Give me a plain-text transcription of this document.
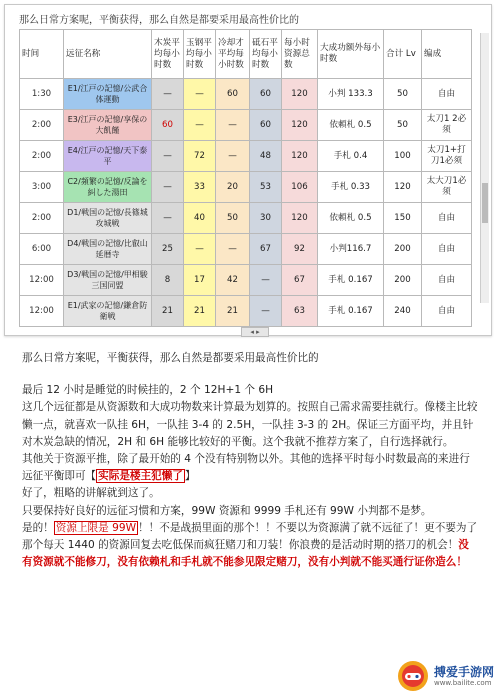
那么日常方案呢，平衡获得，那么自然是都要采用最高性价比的
时间	远征名称	木炭平均每小时数	玉钢平均每小时数	冷却才平均每小时数	砥石平均每小时数	每小时资源总数	大成功额外每小时数	合计 Lv	编成
1:30	E1/江戸の記憶/公武合体運動	—	—	60	60	120	小判 133.3	50	自由
2:00	E3/江戸の記憶/享保の大飢饉	60	—	—	60	120	依頼札 0.5	50	太刀1 2必须
2:00	E4/江戸の記憶/天下泰平	—	72	—	48	120	手札 0.4	100	太刀1+打刀1必须
3:00	C2/頻繁の記憶/反論を糾した湯田	—	33	20	53	106	手札 0.33	120	太大刀1必须
2:00	D1/戦国の記憶/長篠城攻城戦	—	40	50	30	120	依頼札 0.5	150	自由
6:00	D4/戦国の記憶/比叡山延暦寺	25	—	—	67	92	小判116.7	200	自由
12:00	D3/戦国の記憶/甲相駿三国同盟	8	17	42	—	67	手札 0.167	200	自由
12:00	E1/武家の記憶/鎌倉防衛戦	21	21	21	—	63	手札 0.167	240	自由
◂ ▸

那么日常方案呢，平衡获得，那么自然是都要采用最高性价比的

最后 12 小时是睡觉的时候挂的，2 个 12H+1 个 6H

这几个远征都是从资源数和大成功物数来计算最为划算的。按照自己需求需要挂就行。像楼主比较懒一点，就喜欢一队挂 6H，一队挂 3-4 的 2.5H，一队挂 3-3 的 2H。保证三方面平均，并且针对木炭急缺的情况，2H 和 6H 能够比较好的平衡。这个我就不推荐方案了，自行选择就行。

其他关于资源平推，除了最开始的 4 个没有特别物以外。其他的选择平时每小时数最高的来进行远征平衡即可【 实际是楼主犯懒了 】

好了，粗略的讲解就到这了。

只要保持好良好的远征习惯和方案，99W 资源和 9999 手札还有 99W 小判都不是梦。

是的！ 资源上限是 99W ！！不是战损里面的那个！！不要以为资源满了就不远征了！更不要为了那个每天 1440 的资源回复去吃低保而疯狂赌刀和刀装！你浪费的是活动时期的搭刀的机会！没有资源就不能修刀，没有依赖札和手札就不能参见限定赌刀，没有小判就不能买通行证你造么！

搏爱手游网
www.bailite.com
